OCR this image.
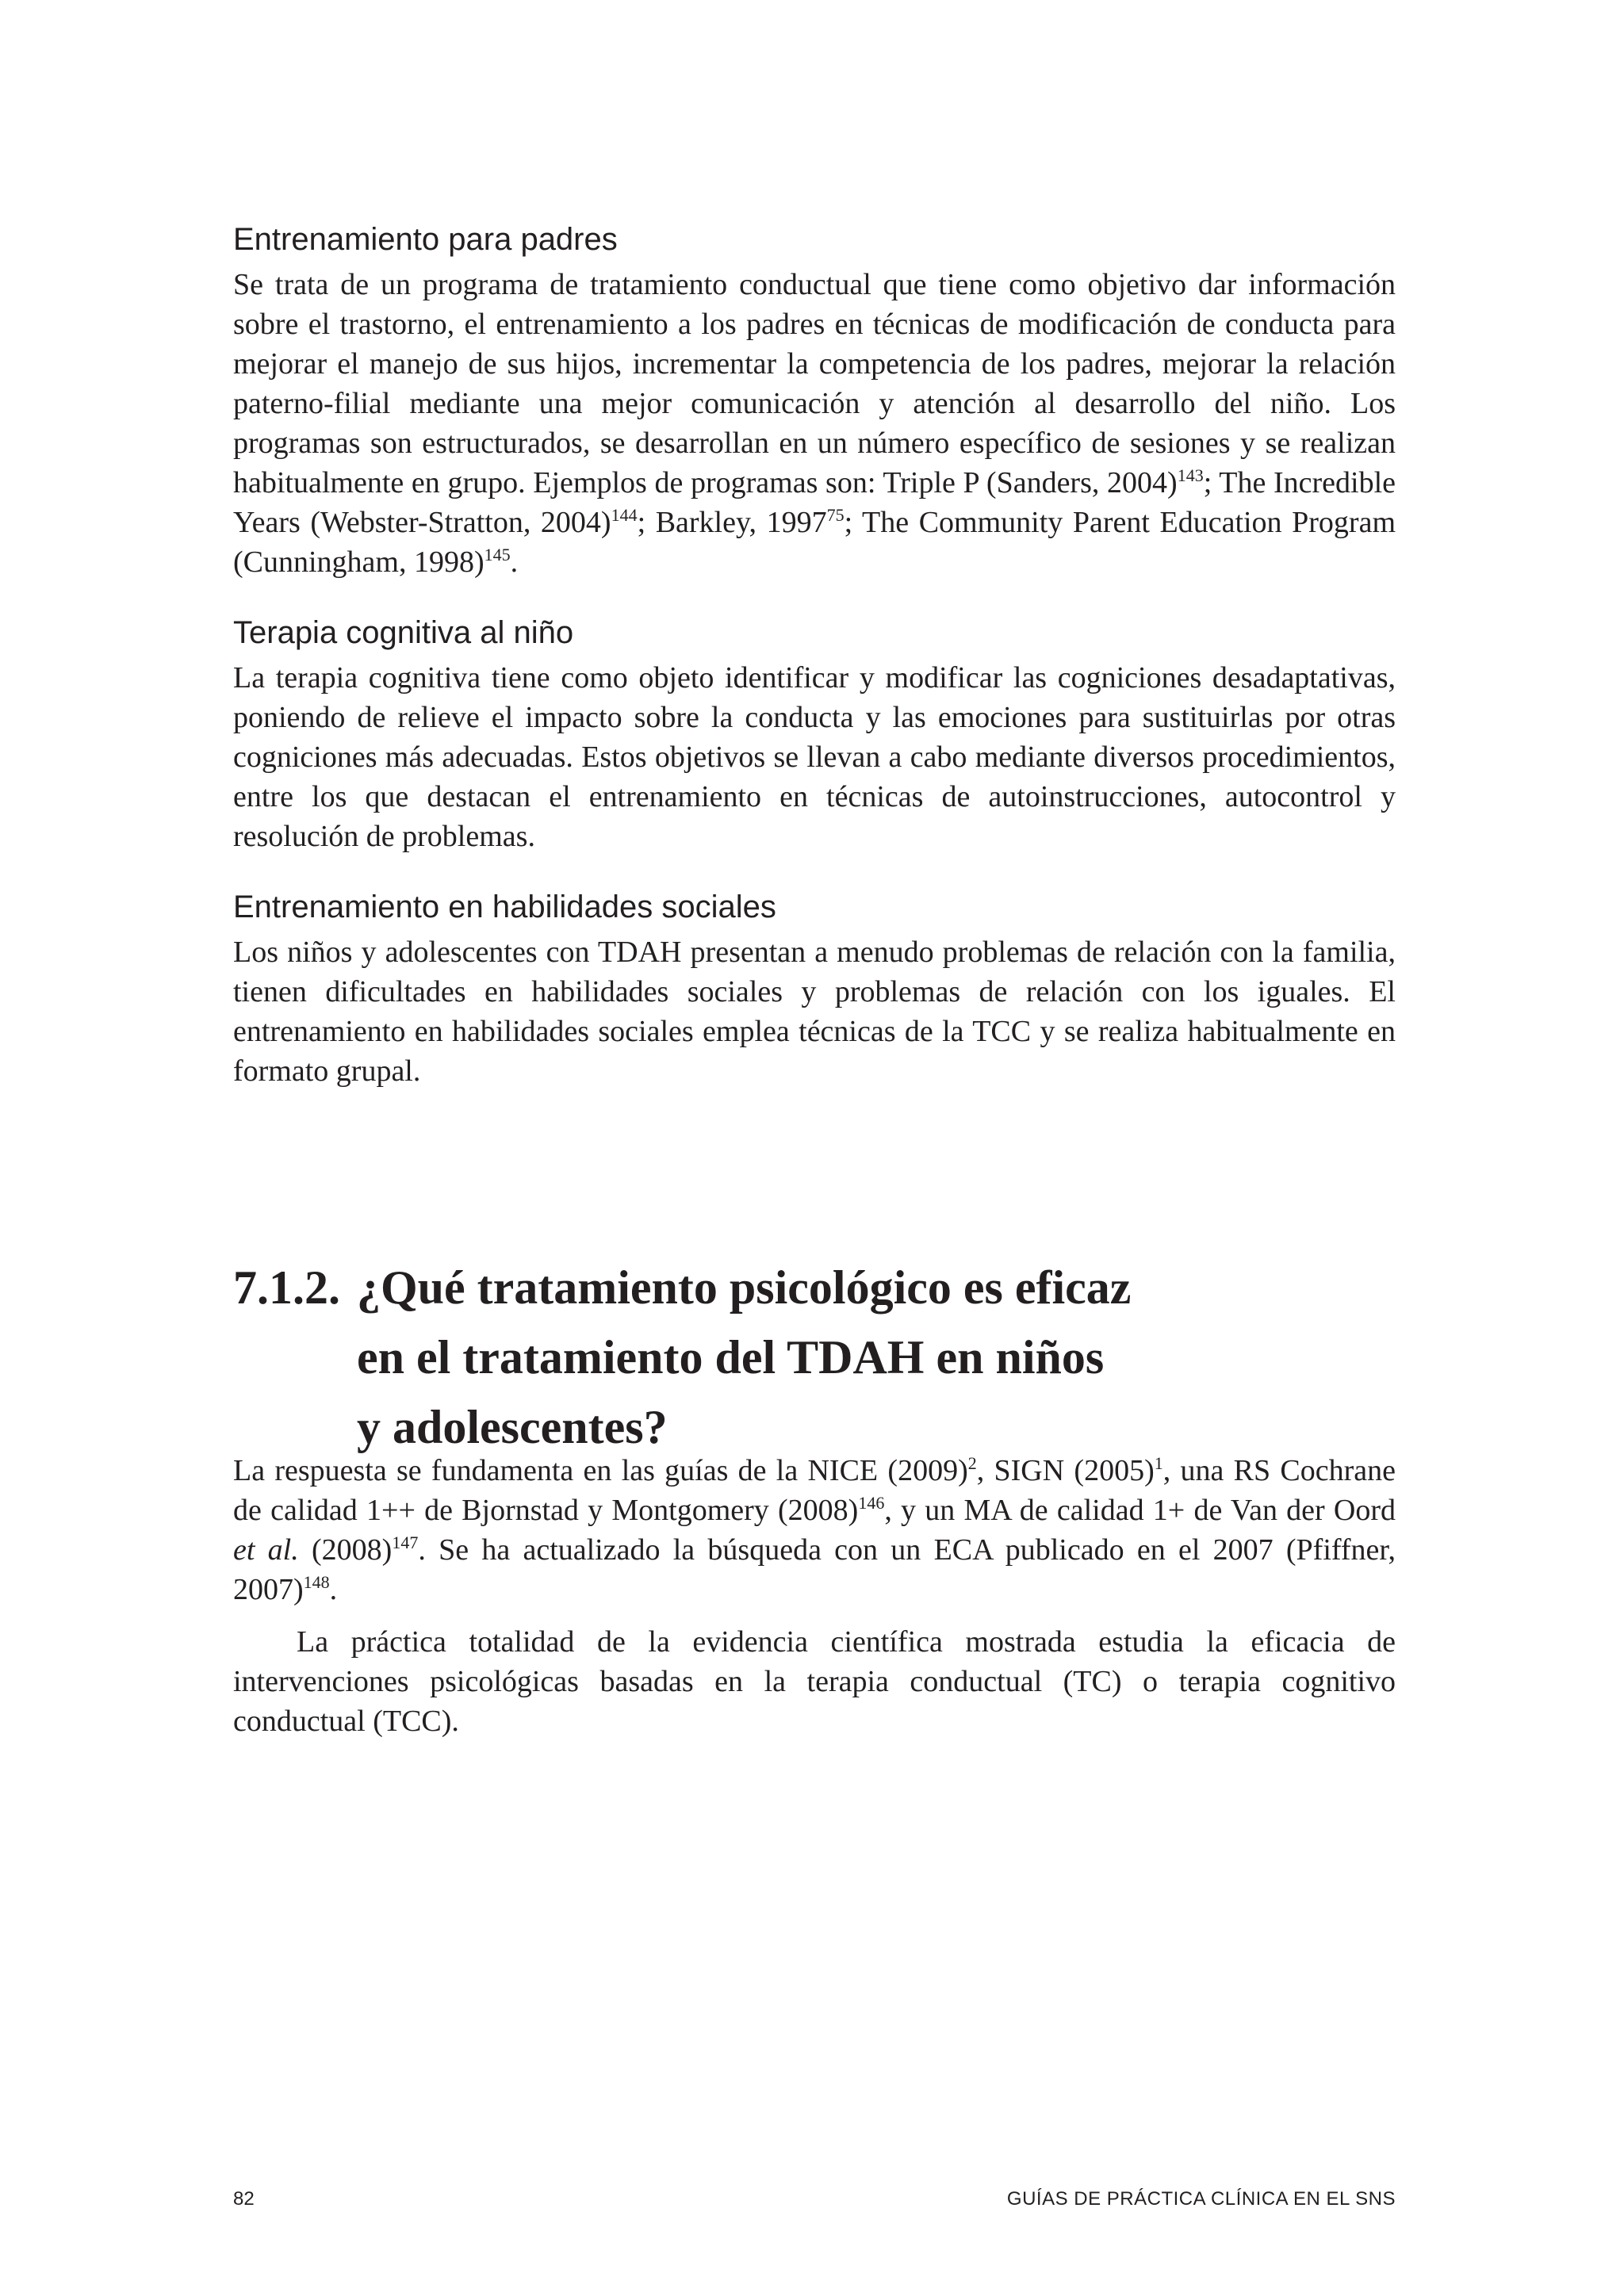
Entrenamiento para padres

Se trata de un programa de tratamiento conductual que tiene como objetivo dar información sobre el trastorno, el entrenamiento a los padres en técnicas de modificación de conducta para mejorar el manejo de sus hijos, incrementar la competencia de los padres, mejorar la relación paterno-filial mediante una mejor comunicación y atención al desarrollo del niño. Los programas son estructurados, se desarrollan en un número específico de sesiones y se realizan habitualmente en grupo. Ejemplos de programas son: Triple P (Sanders, 2004)$^{143}$; The Incredible Years (Webster-Stratton, 2004)$^{144}$; Barkley, 1997$^{75}$; The Community Parent Education Program (Cunningham, 1998)$^{145}$.

Terapia cognitiva al niño

La terapia cognitiva tiene como objeto identificar y modificar las cogniciones desadaptativas, poniendo de relieve el impacto sobre la conducta y las emociones para sustituirlas por otras cogniciones más adecuadas. Estos objetivos se llevan a cabo mediante diversos procedimientos, entre los que destacan el entrenamiento en técnicas de autoinstrucciones, autocontrol y resolución de problemas.

Entrenamiento en habilidades sociales

Los niños y adolescentes con TDAH presentan a menudo problemas de relación con la familia, tienen dificultades en habilidades sociales y problemas de relación con los iguales. El entrenamiento en habilidades sociales emplea técnicas de la TCC y se realiza habitualmente en formato grupal.

7.1.2. ¿Qué tratamiento psicológico es eficaz
en el tratamiento del TDAH en niños
y adolescentes?

La respuesta se fundamenta en las guías de la NICE $(2009)^2$, SIGN $(2005)^1$, una RS Cochrane de calidad 1++ de Bjornstad y Montgomery $(2008)^{146}$, y un MA de calidad 1+ de Van der Oord et al. $(2008)^{147}$. Se ha actualizado la búsqueda con un ECA publicado en el 2007 (Pfiffner, 2007)$^{148}$.

La práctica totalidad de la evidencia científica mostrada estudia la eficacia de intervenciones psicológicas basadas en la terapia conductual (TC) o terapia cognitivo conductual (TCC).

82	GUÍAS DE PRÁCTICA CLÍNICA EN EL SNS
